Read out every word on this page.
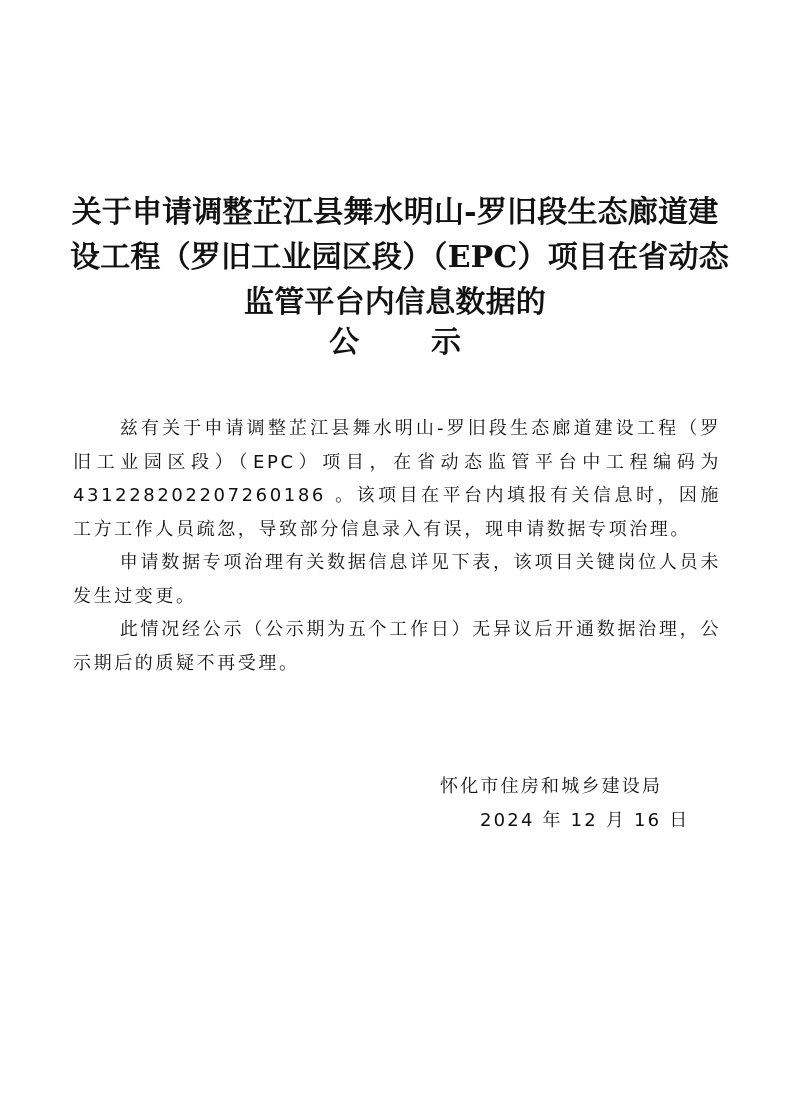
关于申请调整芷江县舞水明山-罗旧段生态廊道建
设工程（罗旧工业园区段）（EPC）项目在省动态
监管平台内信息数据的
公 示

兹有关于申请调整芷江县舞水明山-罗旧段生态廊道建设工程（罗旧工业园区段）（EPC）项目，在省动态监管平台中工程编码为431228202207260186 。该项目在平台内填报有关信息时，因施工方工作人员疏忽，导致部分信息录入有误，现申请数据专项治理。

申请数据专项治理有关数据信息详见下表，该项目关键岗位人员未发生过变更。

此情况经公示（公示期为五个工作日）无异议后开通数据治理，公示期后的质疑不再受理。

怀化市住房和城乡建设局
2024 年 12 月 16 日
